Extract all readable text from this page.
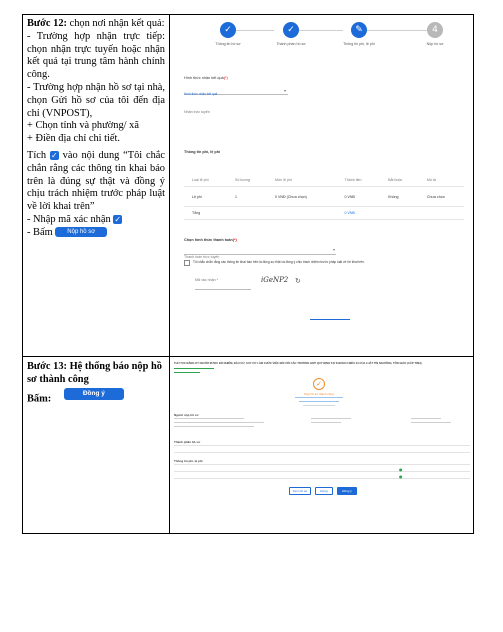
Bước 12: chọn nơi nhận kết quả:

- Trường hợp nhận trực tiếp: chọn nhận trực tuyến hoặc nhận kết quả tại trung tâm hành chính công.

- Trường hợp nhận hồ sơ tại nhà, chọn Gửi hồ sơ của tôi đến địa chỉ (VNPOST),

+ Chọn tỉnh và phường/ xã

+ Điền địa chỉ chi tiết.

Tích ✓ vào nội dung “Tôi chắc chắn rằng các thông tin khai báo trên là đúng sự thật và đồng ý chịu trách nhiệm trước pháp luật về lời khai trên”

- Nhập mã xác nhận ✓

- Bấm Nộp hồ sơ

Bước 13: Hệ thống báo nộp hồ sơ thành công

Bấm:	Đồng ý

✓	✓	✎	4
Thông tin hồ sơ	Thành phần hồ sơ	Thông tin phí, lệ phí	Nộp hồ sơ
Hình thức nhận kết quả(*)
Hình thức nhận kết quả
Nhận trực tuyến
▾
Thông tin phí, lệ phí
Loại lệ phí	Số lượng	Mức lệ phí	Thành tiền	Bắt buộc	Mô tả
Lệ phí	1	0 VNĐ (Chưa chọn)	0 VNĐ	Không	Chưa chọn
Tổng			0 VNĐ		
Chọn hình thức thanh toán(*)
Thanh toán trực tuyến
▾
Tôi chắc chắn rằng các thông tin khai báo trên là đúng sự thật và đồng ý chịu trách nhiệm trước pháp luật về lời khai trên.
Mã xác nhận *	iGeNP2 ↻
THỦ TỤC ĐĂNG KÝ NGƯỜI ĐƯỢC BỔ NHIỆM, BẦU CỬ, SUY CỬ LÀM CHỨC VIỆC ĐỐI VỚI CÁC TRƯỜNG HỢP QUY ĐỊNH TẠI KHOẢN 2 ĐIỀU 34 CỦA LUẬT TÍN NGƯỠNG, TÔN GIÁO (CẤP TỈNH)
✓
Nộp hồ sơ thành công
Người nộp hồ sơ
Thành phần hồ sơ
Thông tin phí, lệ phí
●
●
Xem hồ sơ	Đóng	Đồng ý
